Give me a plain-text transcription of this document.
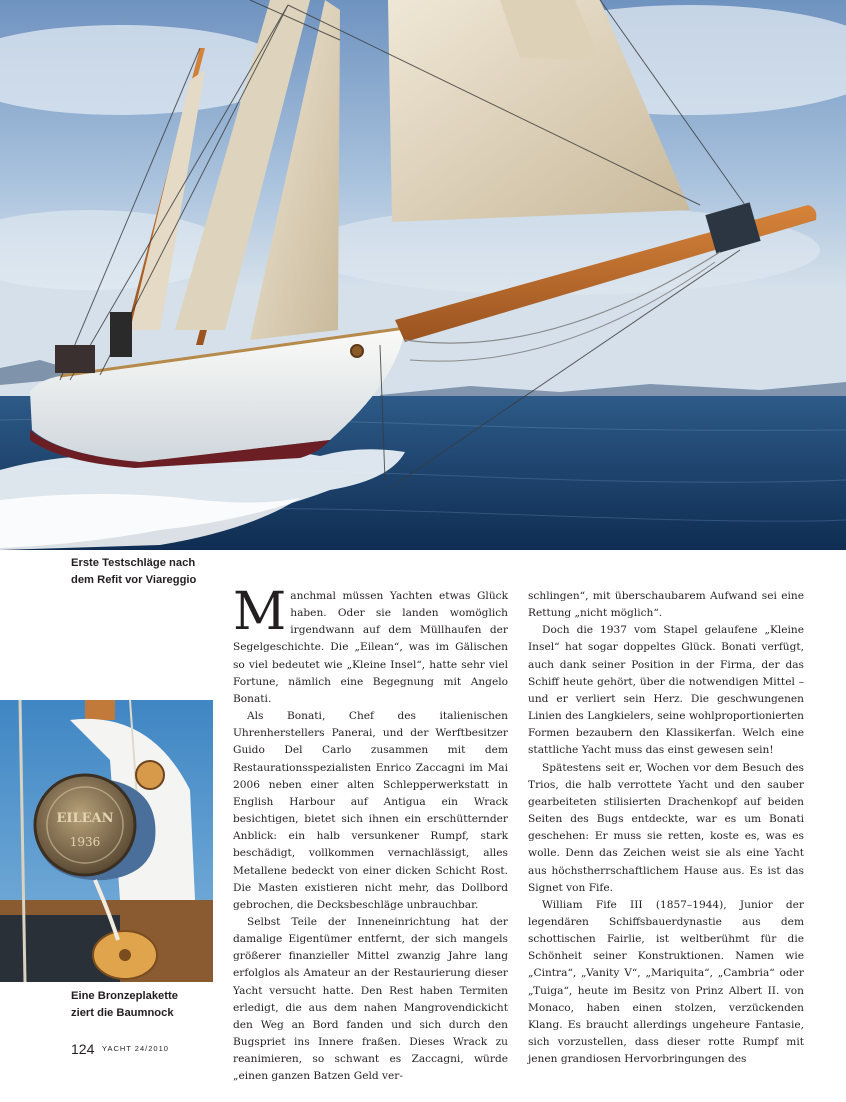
Erste Testschläge nach
dem Refit vor Viareggio
EILEAN
1936
Eine Bronzeplakette
ziert die Baumnock

Manchmal müssen Yachten etwas Glück haben. Oder sie landen womöglich irgendwann auf dem Müllhaufen der Segelgeschichte. Die „Eilean“, was im Gälischen so viel bedeutet wie „Kleine Insel“, hatte sehr viel Fortune, nämlich eine Begegnung mit Angelo Bonati.

Als Bonati, Chef des italienischen Uhrenherstellers Panerai, und der Werftbesitzer Guido Del Carlo zusammen mit dem Restaurationsspezialisten Enrico Zaccagni im Mai 2006 neben einer alten Schlepperwerkstatt in English Harbour auf Antigua ein Wrack besichtigen, bietet sich ihnen ein erschütternder Anblick: ein halb versunkener Rumpf, stark beschädigt, vollkommen vernachlässigt, alles Metallene bedeckt von einer dicken Schicht Rost. Die Masten existieren nicht mehr, das Dollbord gebrochen, die Decksbeschläge unbrauchbar.

Selbst Teile der Inneneinrichtung hat der damalige Eigentümer entfernt, der sich mangels größerer finanzieller Mittel zwanzig Jahre lang erfolglos als Amateur an der Restaurierung dieser Yacht versucht hatte. Den Rest haben Termiten erledigt, die aus dem nahen Mangrovendickicht den Weg an Bord fanden und sich durch den Bugspriet ins Innere fraßen. Dieses Wrack zu reanimieren, so schwant es Zaccagni, würde „einen ganzen Batzen Geld ver-

schlingen“, mit überschaubarem Aufwand sei eine Rettung „nicht möglich“.

Doch die 1937 vom Stapel gelaufene „Kleine Insel“ hat sogar doppeltes Glück. Bonati verfügt, auch dank seiner Position in der Firma, der das Schiff heute gehört, über die notwendigen Mittel – und er verliert sein Herz. Die geschwungenen Linien des Langkielers, seine wohlproportionierten Formen bezaubern den Klassikerfan. Welch eine stattliche Yacht muss das einst gewesen sein!

Spätestens seit er, Wochen vor dem Besuch des Trios, die halb verrottete Yacht und den sauber gearbeiteten stilisierten Drachenkopf auf beiden Seiten des Bugs entdeckte, war es um Bonati geschehen: Er muss sie retten, koste es, was es wolle. Denn das Zeichen weist sie als eine Yacht aus höchstherrschaftlichem Hause aus. Es ist das Signet von Fife.

William Fife III (1857–1944), Junior der legendären Schiffsbauerdynastie aus dem schottischen Fairlie, ist weltberühmt für die Schönheit seiner Konstruktionen. Namen wie „Cintra“, „Vanity V“, „Mariquita“, „Cambria“ oder „Tuiga“, heute im Besitz von Prinz Albert II. von Monaco, haben einen stolzen, verzückenden Klang. Es braucht allerdings ungeheure Fantasie, sich vorzustellen, dass dieser rotte Rumpf mit jenen grandiosen Hervorbringungen des

124 YACHT 24/2010
